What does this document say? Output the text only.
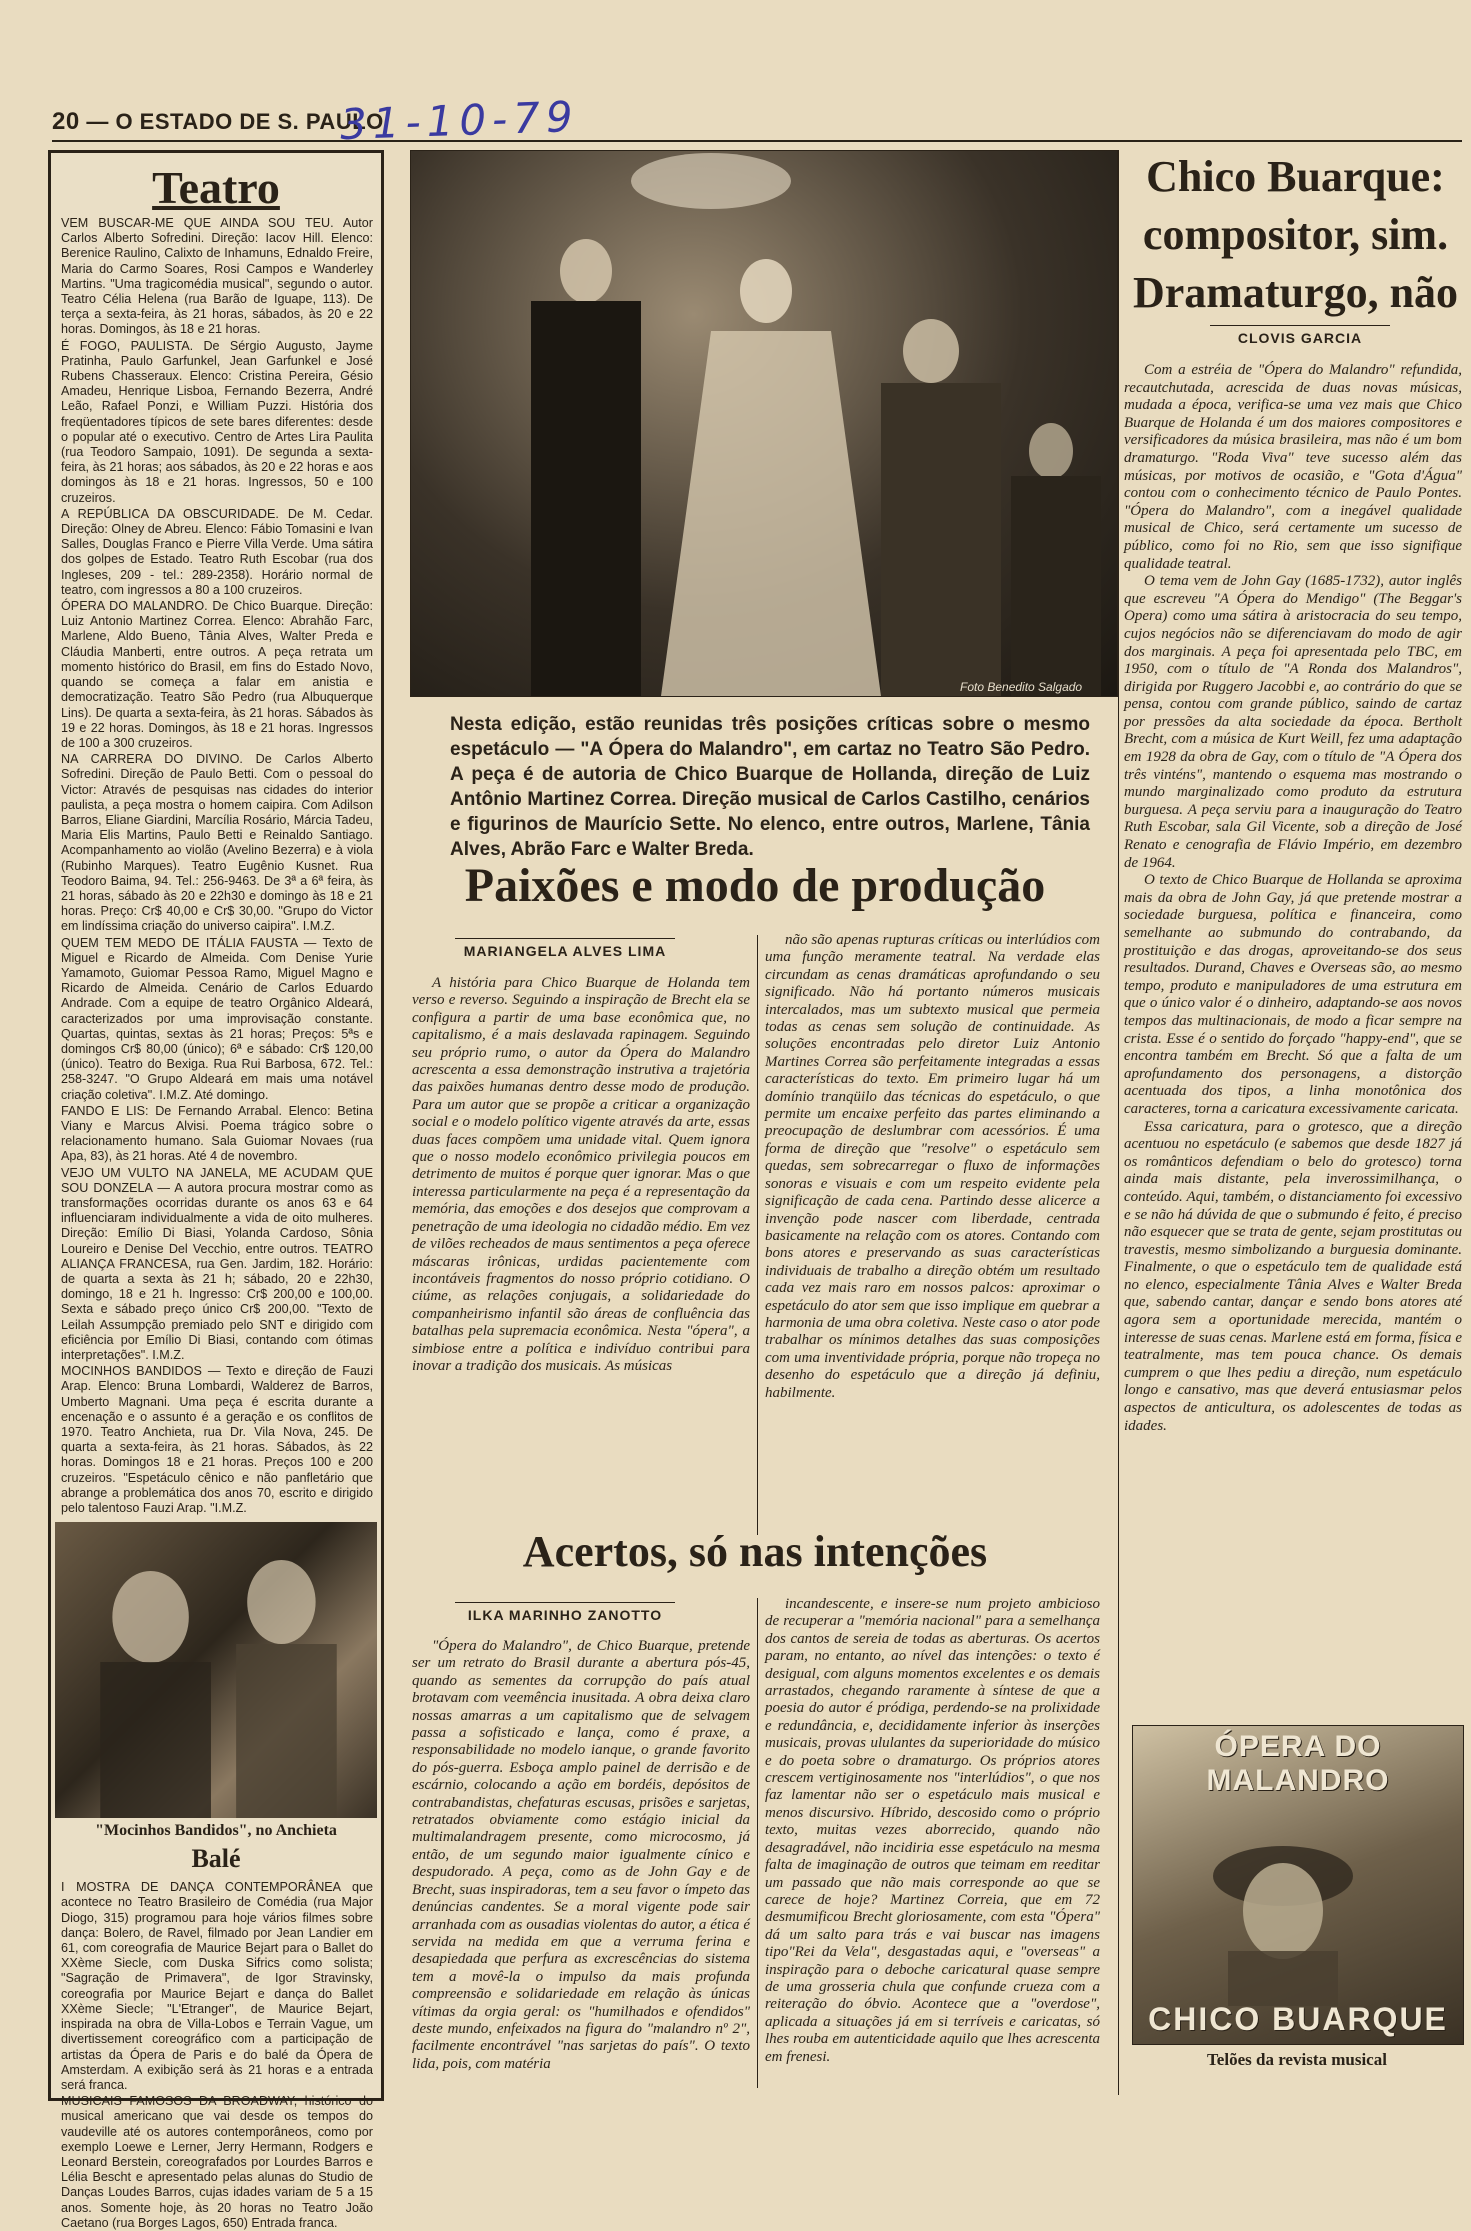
20 — O ESTADO DE S. PAULO
31-10-79
Teatro

VEM BUSCAR-ME QUE AINDA SOU TEU. Autor Carlos Alberto Sofredini. Direção: Iacov Hill. Elenco: Berenice Raulino, Calixto de Inhamuns, Ednaldo Freire, Maria do Carmo Soares, Rosi Campos e Wanderley Martins. "Uma tragicomédia musical", segundo o autor. Teatro Célia Helena (rua Barão de Iguape, 113). De terça a sexta-feira, às 21 horas, sábados, às 20 e 22 horas. Domingos, às 18 e 21 horas.

É FOGO, PAULISTA. De Sérgio Augusto, Jayme Pratinha, Paulo Garfunkel, Jean Garfunkel e José Rubens Chasseraux. Elenco: Cristina Pereira, Gésio Amadeu, Henrique Lisboa, Fernando Bezerra, André Leão, Rafael Ponzi, e William Puzzi. História dos freqüentadores típicos de sete bares diferentes: desde o popular até o executivo. Centro de Artes Lira Paulita (rua Teodoro Sampaio, 1091). De segunda a sexta-feira, às 21 horas; aos sábados, às 20 e 22 horas e aos domingos às 18 e 21 horas. Ingressos, 50 e 100 cruzeiros.

A REPÚBLICA DA OBSCURIDADE. De M. Cedar. Direção: Olney de Abreu. Elenco: Fábio Tomasini e Ivan Salles, Douglas Franco e Pierre Villa Verde. Uma sátira dos golpes de Estado. Teatro Ruth Escobar (rua dos Ingleses, 209 - tel.: 289-2358). Horário normal de teatro, com ingressos a 80 a 100 cruzeiros.

ÓPERA DO MALANDRO. De Chico Buarque. Direção: Luiz Antonio Martinez Correa. Elenco: Abrahão Farc, Marlene, Aldo Bueno, Tânia Alves, Walter Preda e Cláudia Manberti, entre outros. A peça retrata um momento histórico do Brasil, em fins do Estado Novo, quando se começa a falar em anistia e democratização. Teatro São Pedro (rua Albuquerque Lins). De quarta a sexta-feira, às 21 horas. Sábados às 19 e 22 horas. Domingos, às 18 e 21 horas. Ingressos de 100 a 300 cruzeiros.

NA CARRERA DO DIVINO. De Carlos Alberto Sofredini. Direção de Paulo Betti. Com o pessoal do Victor: Através de pesquisas nas cidades do interior paulista, a peça mostra o homem caipira. Com Adilson Barros, Eliane Giardini, Marcília Rosário, Márcia Tadeu, Maria Elis Martins, Paulo Betti e Reinaldo Santiago. Acompanhamento ao violão (Avelino Bezerra) e à viola (Rubinho Marques). Teatro Eugênio Kusnet. Rua Teodoro Baima, 94. Tel.: 256-9463. De 3ª a 6ª feira, às 21 horas, sábado às 20 e 22h30 e domingo às 18 e 21 horas. Preço: Cr$ 40,00 e Cr$ 30,00. "Grupo do Victor em lindíssima criação do universo caipira". I.M.Z.

QUEM TEM MEDO DE ITÁLIA FAUSTA — Texto de Miguel e Ricardo de Almeida. Com Denise Yurie Yamamoto, Guiomar Pessoa Ramo, Miguel Magno e Ricardo de Almeida. Cenário de Carlos Eduardo Andrade. Com a equipe de teatro Orgânico Aldeará, caracterizados por uma improvisação constante. Quartas, quintas, sextas às 21 horas; Preços: 5ªs e domingos Cr$ 80,00 (único); 6ª e sábado: Cr$ 120,00 (único). Teatro do Bexiga. Rua Rui Barbosa, 672. Tel.: 258-3247. "O Grupo Aldeará em mais uma notável criação coletiva". I.M.Z. Até domingo.

FANDO E LIS: De Fernando Arrabal. Elenco: Betina Viany e Marcus Alvisi. Poema trágico sobre o relacionamento humano. Sala Guiomar Novaes (rua Apa, 83), às 21 horas. Até 4 de novembro.

VEJO UM VULTO NA JANELA, ME ACUDAM QUE SOU DONZELA — A autora procura mostrar como as transformações ocorridas durante os anos 63 e 64 influenciaram individualmente a vida de oito mulheres. Direção: Emílio Di Biasi, Yolanda Cardoso, Sônia Loureiro e Denise Del Vecchio, entre outros. TEATRO ALIANÇA FRANCESA, rua Gen. Jardim, 182. Horário: de quarta a sexta às 21 h; sábado, 20 e 22h30, domingo, 18 e 21 h. Ingresso: Cr$ 200,00 e 100,00. Sexta e sábado preço único Cr$ 200,00. "Texto de Leilah Assumpção premiado pelo SNT e dirigido com eficiência por Emílio Di Biasi, contando com ótimas interpretações". I.M.Z.

MOCINHOS BANDIDOS — Texto e direção de Fauzi Arap. Elenco: Bruna Lombardi, Walderez de Barros, Umberto Magnani. Uma peça é escrita durante a encenação e o assunto é a geração e os conflitos de 1970. Teatro Anchieta, rua Dr. Vila Nova, 245. De quarta a sexta-feira, às 21 horas. Sábados, às 22 horas. Domingos 18 e 21 horas. Preços 100 e 200 cruzeiros. "Espetáculo cênico e não panfletário que abrange a problemática dos anos 70, escrito e dirigido pelo talentoso Fauzi Arap. "I.M.Z.

"Mocinhos Bandidos", no Anchieta
Balé

I MOSTRA DE DANÇA CONTEMPORÂNEA que acontece no Teatro Brasileiro de Comédia (rua Major Diogo, 315) programou para hoje vários filmes sobre dança: Bolero, de Ravel, filmado por Jean Landier em 61, com coreografia de Maurice Bejart para o Ballet do XXème Siecle, com Duska Sifrics como solista; "Sagração de Primavera", de Igor Stravinsky, coreografia por Maurice Bejart e dança do Ballet XXème Siecle; "L'Etranger", de Maurice Bejart, inspirada na obra de Villa-Lobos e Terrain Vague, um divertissement coreográfico com a participação de artistas da Ópera de Paris e do balé da Ópera de Amsterdam. A exibição será às 21 horas e a entrada será franca.

MUSICAIS FAMOSOS DA BROADWAY, histórico do musical americano que vai desde os tempos do vaudeville até os autores contemporâneos, como por exemplo Loewe e Lerner, Jerry Hermann, Rodgers e Leonard Berstein, coreografados por Lourdes Barros e Lélia Bescht e apresentado pelas alunas do Studio de Danças Loudes Barros, cujas idades variam de 5 a 15 anos. Somente hoje, às 20 horas no Teatro João Caetano (rua Borges Lagos, 650) Entrada franca.

Foto Benedito Salgado
Nesta edição, estão reunidas três posições críticas sobre o mesmo espetáculo — "A Ópera do Malandro", em cartaz no Teatro São Pedro. A peça é de autoria de Chico Buarque de Hollanda, direção de Luiz Antônio Martinez Correa. Direção musical de Carlos Castilho, cenários e figurinos de Maurício Sette. No elenco, entre outros, Marlene, Tânia Alves, Abrão Farc e Walter Breda.
Paixões e modo de produção
MARIANGELA ALVES LIMA

A história para Chico Buarque de Holanda tem verso e reverso. Seguindo a inspiração de Brecht ela se configura a partir de uma base econômica que, no capitalismo, é a mais deslavada rapinagem. Seguindo seu próprio rumo, o autor da Ópera do Malandro acrescenta a essa demonstração instrutiva a trajetória das paixões humanas dentro desse modo de produção. Para um autor que se propõe a criticar a organização social e o modelo político vigente através da arte, essas duas faces compõem uma unidade vital. Quem ignora que o nosso modelo econômico privilegia poucos em detrimento de muitos é porque quer ignorar. Mas o que interessa particularmente na peça é a representação da memória, das emoções e dos desejos que comprovam a penetração de uma ideologia no cidadão médio. Em vez de vilões recheados de maus sentimentos a peça oferece máscaras irônicas, urdidas pacientemente com incontáveis fragmentos do nosso próprio cotidiano. O ciúme, as relações conjugais, a solidariedade do companheirismo infantil são áreas de confluência das batalhas pela supremacia econômica. Nesta "ópera", a simbiose entre a política e indivíduo contribui para inovar a tradição dos musicais. As músicas

não são apenas rupturas críticas ou interlúdios com uma função meramente teatral. Na verdade elas circundam as cenas dramáticas aprofundando o seu significado. Não há portanto números musicais intercalados, mas um subtexto musical que permeia todas as cenas sem solução de continuidade. As soluções encontradas pelo diretor Luiz Antonio Martines Correa são perfeitamente integradas a essas características do texto. Em primeiro lugar há um domínio tranqüilo das técnicas do espetáculo, o que permite um encaixe perfeito das partes eliminando a preocupação de deslumbrar com acessórios. É uma forma de direção que "resolve" o espetáculo sem quedas, sem sobrecarregar o fluxo de informações sonoras e visuais e com um respeito evidente pela significação de cada cena. Partindo desse alicerce a invenção pode nascer com liberdade, centrada basicamente na relação com os atores. Contando com bons atores e preservando as suas características individuais de trabalho a direção obtém um resultado cada vez mais raro em nossos palcos: aproximar o espetáculo do ator sem que isso implique em quebrar a harmonia de uma obra coletiva. Neste caso o ator pode trabalhar os mínimos detalhes das suas composições com uma inventividade própria, porque não tropeça no desenho do espetáculo que a direção já definiu, habilmente.

Acertos, só nas intenções
ILKA MARINHO ZANOTTO

"Ópera do Malandro", de Chico Buarque, pretende ser um retrato do Brasil durante a abertura pós-45, quando as sementes da corrupção do país atual brotavam com veemência inusitada. A obra deixa claro nossas amarras a um capitalismo que de selvagem passa a sofisticado e lança, como é praxe, a responsabilidade no modelo ianque, o grande favorito do pós-guerra. Esboça amplo painel de derrisão e de escárnio, colocando a ação em bordéis, depósitos de contrabandistas, chefaturas escusas, prisões e sarjetas, retratados obviamente como estágio inicial da multimalandragem presente, como microcosmo, já então, de um segundo maior igualmente cínico e despudorado. A peça, como as de John Gay e de Brecht, suas inspiradoras, tem a seu favor o ímpeto das denúncias candentes. Se a moral vigente pode sair arranhada com as ousadias violentas do autor, a ética é servida na medida em que a verruma ferina e desapiedada que perfura as excrescências do sistema tem a movê-la o impulso da mais profunda compreensão e solidariedade em relação às únicas vítimas da orgia geral: os "humilhados e ofendidos" deste mundo, enfeixados na figura do "malandro nº 2", facilmente encontrável "nas sarjetas do país". O texto lida, pois, com matéria

incandescente, e insere-se num projeto ambicioso de recuperar a "memória nacional" para a semelhança dos cantos de sereia de todas as aberturas. Os acertos param, no entanto, ao nível das intenções: o texto é desigual, com alguns momentos excelentes e os demais arrastados, chegando raramente à síntese de que a poesia do autor é pródiga, perdendo-se na prolixidade e redundância, e, decididamente inferior às inserções musicais, provas ululantes da superioridade do músico e do poeta sobre o dramaturgo. Os próprios atores crescem vertiginosamente nos "interlúdios", o que nos faz lamentar não ser o espetáculo mais musical e menos discursivo. Híbrido, descosido como o próprio texto, muitas vezes aborrecido, quando não desagradável, não incidiria esse espetáculo na mesma falta de imaginação de outros que teimam em reeditar um passado que não mais corresponde ao que se carece de hoje? Martinez Correia, que em 72 desmumificou Brecht gloriosamente, com esta "Ópera" dá um salto para trás e vai buscar nas imagens tipo"Rei da Vela", desgastadas aqui, e "overseas" a inspiração para o deboche caricatural quase sempre de uma grosseria chula que confunde crueza com a reiteração do óbvio. Acontece que a "overdose", aplicada a situações já em si terríveis e caricatas, só lhes rouba em autenticidade aquilo que lhes acrescenta em frenesi.

Chico Buarque:
compositor, sim.
Dramaturgo, não
CLOVIS GARCIA

Com a estréia de "Ópera do Malandro" refundida, recautchutada, acrescida de duas novas músicas, mudada a época, verifica-se uma vez mais que Chico Buarque de Holanda é um dos maiores compositores e versificadores da música brasileira, mas não é um bom dramaturgo. "Roda Viva" teve sucesso além das músicas, por motivos de ocasião, e "Gota d'Água" contou com o conhecimento técnico de Paulo Pontes. "Ópera do Malandro", com a inegável qualidade musical de Chico, será certamente um sucesso de público, como foi no Rio, sem que isso signifique qualidade teatral.

O tema vem de John Gay (1685-1732), autor inglês que escreveu "A Ópera do Mendigo" (The Beggar's Opera) como uma sátira à aristocracia do seu tempo, cujos negócios não se diferenciavam do modo de agir dos marginais. A peça foi apresentada pelo TBC, em 1950, com o título de "A Ronda dos Malandros", dirigida por Ruggero Jacobbi e, ao contrário do que se pensa, contou com grande público, saindo de cartaz por pressões da alta sociedade da época. Bertholt Brecht, com a música de Kurt Weill, fez uma adaptação em 1928 da obra de Gay, com o título de "A Ópera dos três vinténs", mantendo o esquema mas mostrando o mundo marginalizado como produto da estrutura burguesa. A peça serviu para a inauguração do Teatro Ruth Escobar, sala Gil Vicente, sob a direção de José Renato e cenografia de Flávio Império, em dezembro de 1964.

O texto de Chico Buarque de Hollanda se aproxima mais da obra de John Gay, já que pretende mostrar a sociedade burguesa, política e financeira, como semelhante ao submundo do contrabando, da prostituição e das drogas, aproveitando-se dos seus resultados. Durand, Chaves e Overseas são, ao mesmo tempo, produto e manipuladores de uma estrutura em que o único valor é o dinheiro, adaptando-se aos novos tempos das multinacionais, de modo a ficar sempre na crista. Esse é o sentido do forçado "happy-end", que se encontra também em Brecht. Só que a falta de um aprofundamento dos personagens, a distorção acentuada dos tipos, a linha monotônica dos caracteres, torna a caricatura excessivamente caricata.

Essa caricatura, para o grotesco, que a direção acentuou no espetáculo (e sabemos que desde 1827 já os românticos defendiam o belo do grotesco) torna ainda mais distante, pela inverossimilhança, o conteúdo. Aqui, também, o distanciamento foi excessivo e se não há dúvida de que o submundo é feito, é preciso não esquecer que se trata de gente, sejam prostitutas ou travestis, mesmo simbolizando a burguesia dominante. Finalmente, o que o espetáculo tem de qualidade está no elenco, especialmente Tânia Alves e Walter Breda que, sabendo cantar, dançar e sendo bons atores até agora sem a oportunidade merecida, mantém o interesse de suas cenas. Marlene está em forma, física e teatralmente, mas tem pouca chance. Os demais cumprem o que lhes pediu a direção, num espetáculo longo e cansativo, mas que deverá entusiasmar pelos aspectos de anticultura, os adolescentes de todas as idades.

ÓPERA DO MALANDRO
CHICO BUARQUE
Telões da revista musical
